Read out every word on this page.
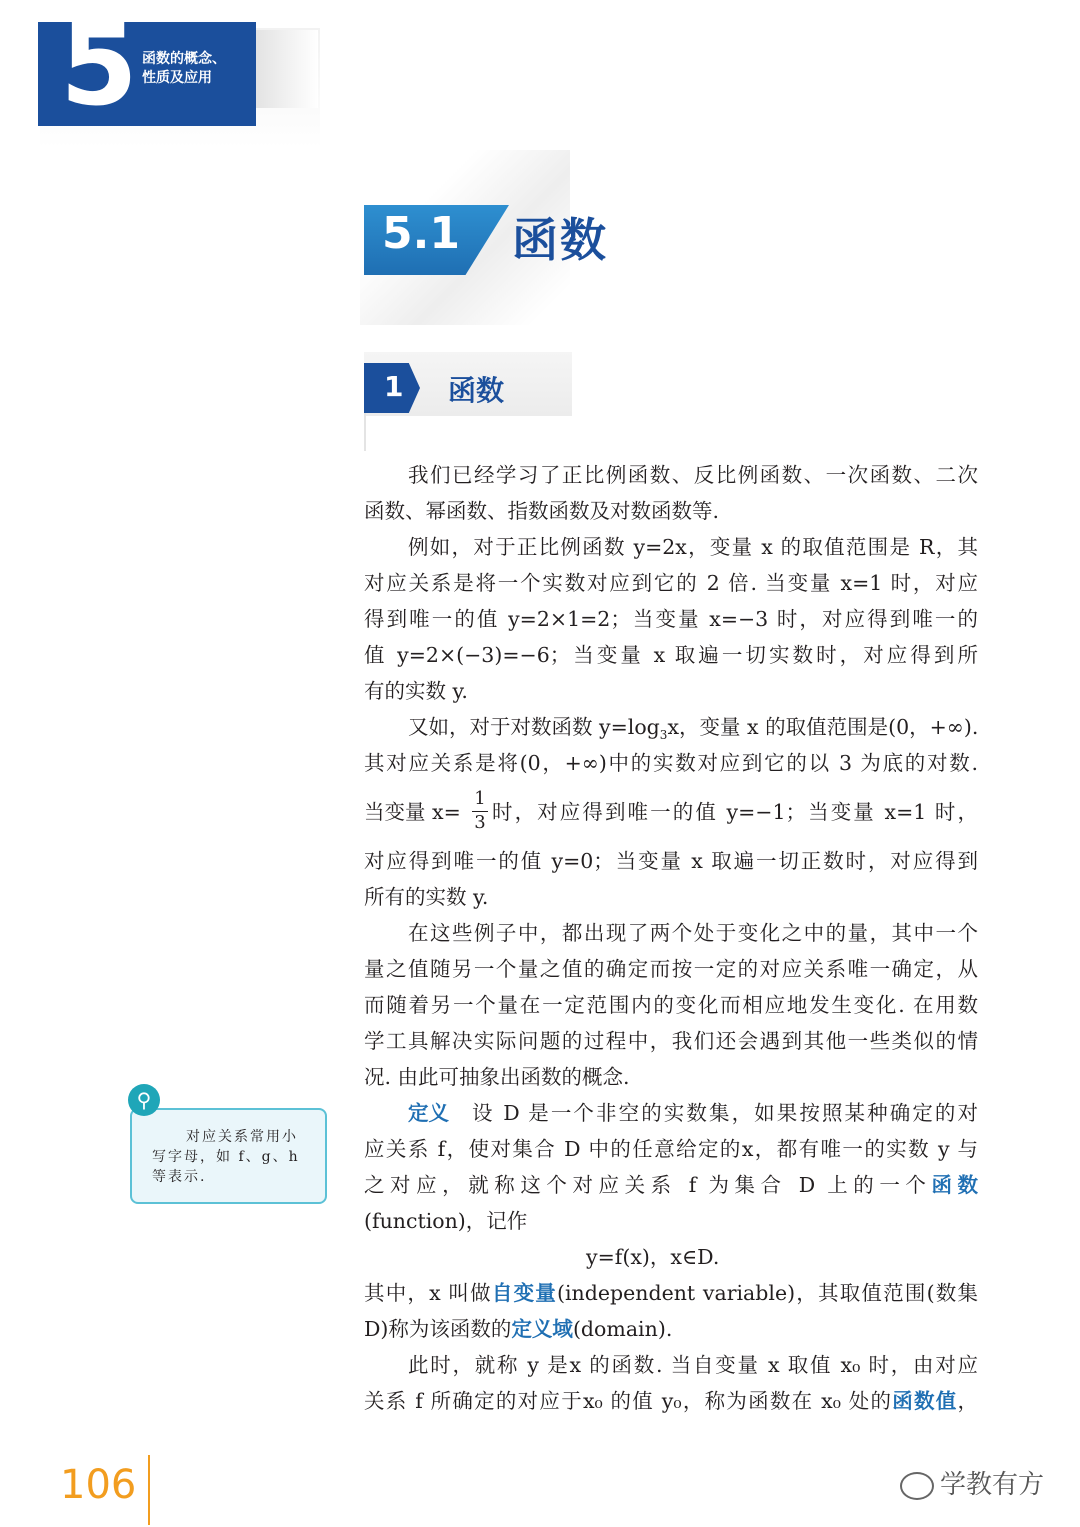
5 函数的概念、
性质及应用
5.1 函数
1 函数
我们已经学习了正比例函数、反比例函数、一次函数、二次
函数、幂函数、指数函数及对数函数等.
例如，对于正比例函数 y=2x，变量 x 的取值范围是 R，其
对应关系是将一个实数对应到它的 2 倍. 当变量 x=1 时，对应
得到唯一的值 y=2×1=2；当变量 x=−3 时，对应得到唯一的
值 y=2×(−3)=−6；当变量 x 取遍一切实数时，对应得到所
有的实数 y.
又如，对于对数函数 $y=\log_3x$，变量 x 的取值范围是(0，+∞).
其对应关系是将(0，+∞)中的实数对应到它的以 3 为底的对数.
当变量 x=
1
3 时，对应得到唯一的值 y=−1；当变量 x=1 时，
对应得到唯一的值 y=0；当变量 x 取遍一切正数时，对应得到
所有的实数 y.
在这些例子中，都出现了两个处于变化之中的量，其中一个
量之值随另一个量之值的确定而按一定的对应关系唯一确定，从
而随着另一个量在一定范围内的变化而相应地发生变化. 在用数
学工具解决实际问题的过程中，我们还会遇到其他一些类似的情
况. 由此可抽象出函数的概念.
定义	设 D 是一个非空的实数集，如果按照某种确定的对
应关系 f，使对集合 D 中的任意给定的x，都有唯一的实数 y 与
之对应，就称这个对应关系 f 为集合 D 上的一个函数
(function)，记作
y=f(x)，x∈D.
其中，x 叫做自变量(independent variable)，其取值范围(数集
D)称为该函数的定义域(domain).
此时，就称 y 是x 的函数. 当自变量 x 取值 x₀ 时，由对应
关系 f 所确定的对应于x₀ 的值 y₀，称为函数在 x₀ 处的函数值，
⚲
对应关系常用小
写字母，如 f、g、h
等表示.
106	学教有方
